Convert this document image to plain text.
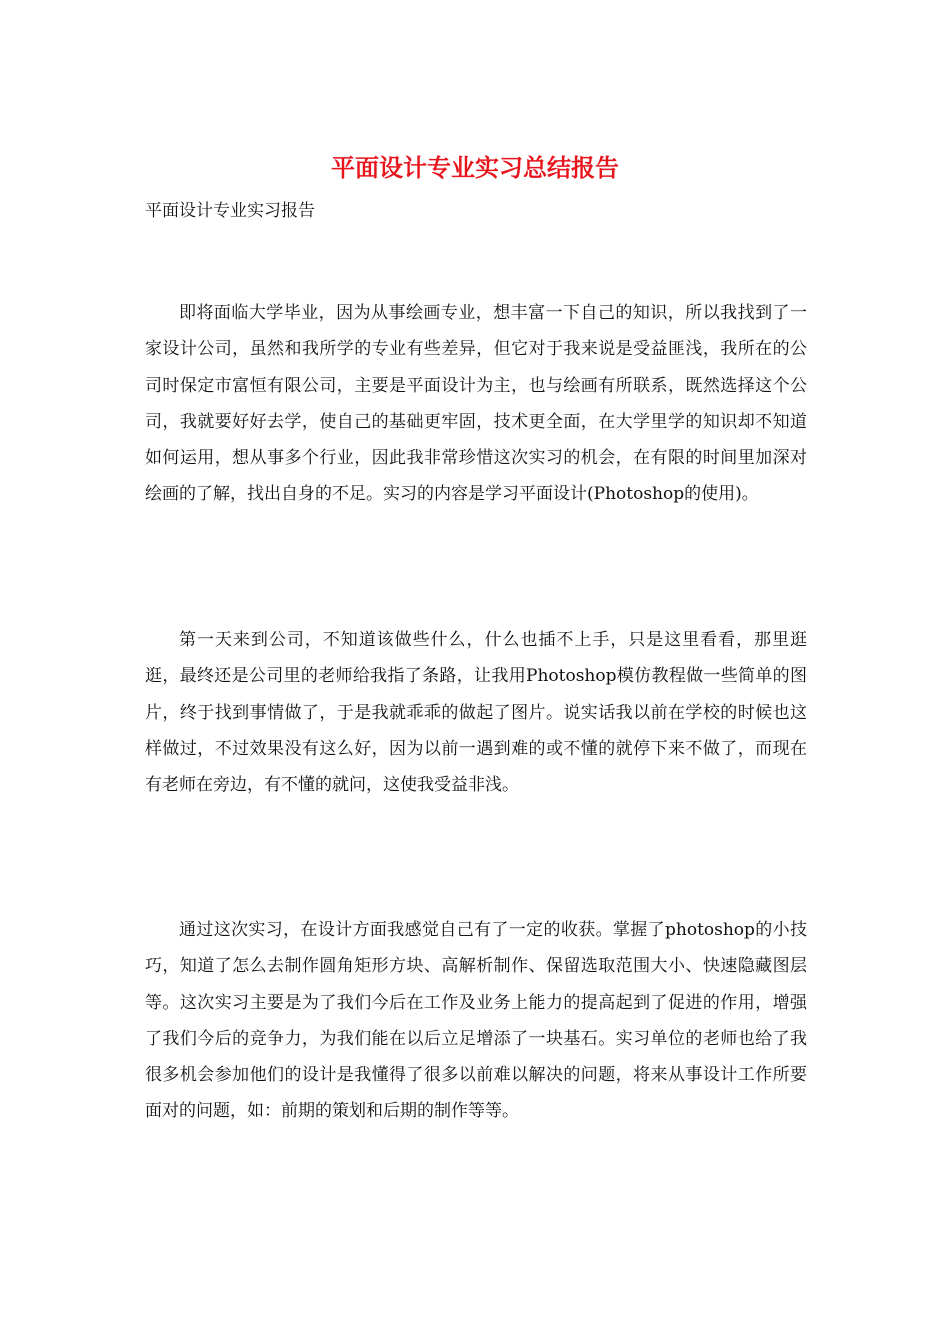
平面设计专业实习总结报告

平面设计专业实习报告

即将面临大学毕业，因为从事绘画专业，想丰富一下自己的知识，所以我找到了一家设计公司，虽然和我所学的专业有些差异，但它对于我来说是受益匪浅，我所在的公司时保定市富恒有限公司，主要是平面设计为主，也与绘画有所联系，既然选择这个公司，我就要好好去学，使自己的基础更牢固，技术更全面，在大学里学的知识却不知道如何运用，想从事多个行业，因此我非常珍惜这次实习的机会，在有限的时间里加深对绘画的了解，找出自身的不足。实习的内容是学习平面设计(Photoshop的使用)。

第一天来到公司，不知道该做些什么，什么也插不上手，只是这里看看，那里逛逛，最终还是公司里的老师给我指了条路，让我用Photoshop模仿教程做一些简单的图片，终于找到事情做了，于是我就乖乖的做起了图片。说实话我以前在学校的时候也这样做过，不过效果没有这么好，因为以前一遇到难的或不懂的就停下来不做了，而现在有老师在旁边，有不懂的就问，这使我受益非浅。

通过这次实习，在设计方面我感觉自己有了一定的收获。掌握了photoshop的小技巧，知道了怎么去制作圆角矩形方块、高解析制作、保留选取范围大小、快速隐藏图层等。这次实习主要是为了我们今后在工作及业务上能力的提高起到了促进的作用，增强了我们今后的竞争力，为我们能在以后立足增添了一块基石。实习单位的老师也给了我很多机会参加他们的设计是我懂得了很多以前难以解决的问题，将来从事设计工作所要面对的问题，如：前期的策划和后期的制作等等。
